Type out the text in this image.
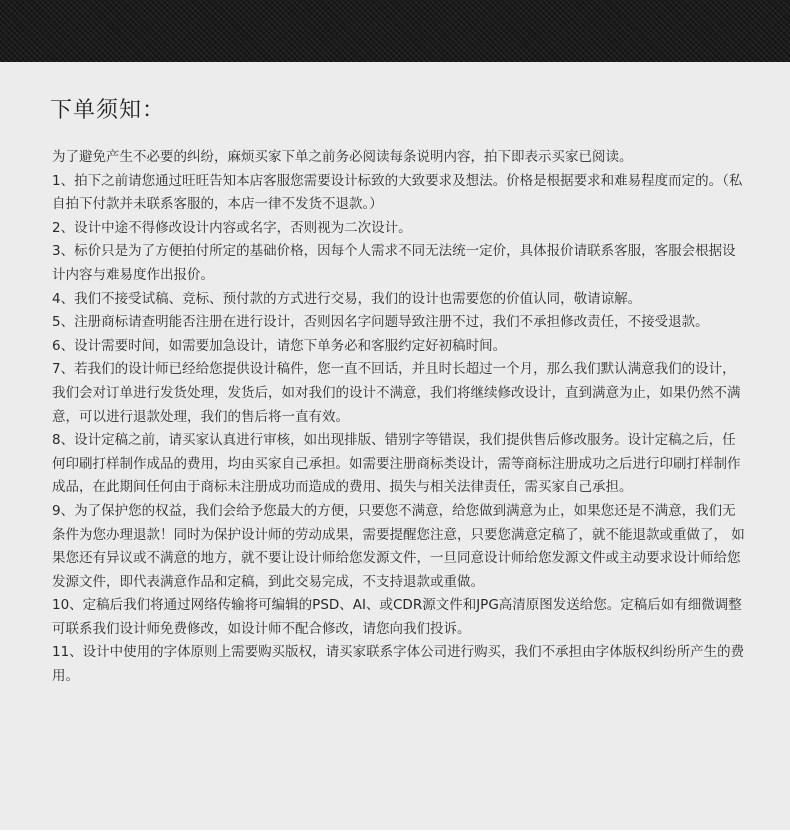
下单须知：

为了避免产生不必要的纠纷，麻烦买家下单之前务必阅读每条说明内容，拍下即表示买家已阅读。

1、拍下之前请您通过旺旺告知本店客服您需要设计标致的大致要求及想法。价格是根据要求和难易程度而定的。（私自拍下付款并未联系客服的，本店一律不发货不退款。）

2、设计中途不得修改设计内容或名字，否则视为二次设计。

3、标价只是为了方便拍付所定的基础价格，因每个人需求不同无法统一定价，具体报价请联系客服，客服会根据设计内容与难易度作出报价。

4、我们不接受试稿、竞标、预付款的方式进行交易，我们的设计也需要您的价值认同，敬请谅解。

5、注册商标请查明能否注册在进行设计，否则因名字问题导致注册不过，我们不承担修改责任，不接受退款。

6、设计需要时间，如需要加急设计，请您下单务必和客服约定好初稿时间。

7、若我们的设计师已经给您提供设计稿件，您一直不回话，并且时长超过一个月，那么我们默认满意我们的设计，我们会对订单进行发货处理，发货后，如对我们的设计不满意，我们将继续修改设计，直到满意为止，如果仍然不满意，可以进行退款处理，我们的售后将一直有效。

8、设计定稿之前，请买家认真进行审核，如出现排版、错别字等错误，我们提供售后修改服务。设计定稿之后，任何印刷打样制作成品的费用，均由买家自己承担。如需要注册商标类设计，需等商标注册成功之后进行印刷打样制作成品，在此期间任何由于商标未注册成功而造成的费用、损失与相关法律责任，需买家自己承担。

9、为了保护您的权益，我们会给予您最大的方便，只要您不满意，给您做到满意为止，如果您还是不满意，我们无条件为您办理退款！同时为保护设计师的劳动成果，需要提醒您注意，只要您满意定稿了，就不能退款或重做了， 如果您还有异议或不满意的地方，就不要让设计师给您发源文件，一旦同意设计师给您发源文件或主动要求设计师给您发源文件，即代表满意作品和定稿，到此交易完成，不支持退款或重做。

10、定稿后我们将通过网络传输将可编辑的PSD、AI、或CDR源文件和JPG高清原图发送给您。定稿后如有细微调整可联系我们设计师免费修改，如设计师不配合修改，请您向我们投诉。

11、设计中使用的字体原则上需要购买版权，请买家联系字体公司进行购买，我们不承担由字体版权纠纷所产生的费用。
